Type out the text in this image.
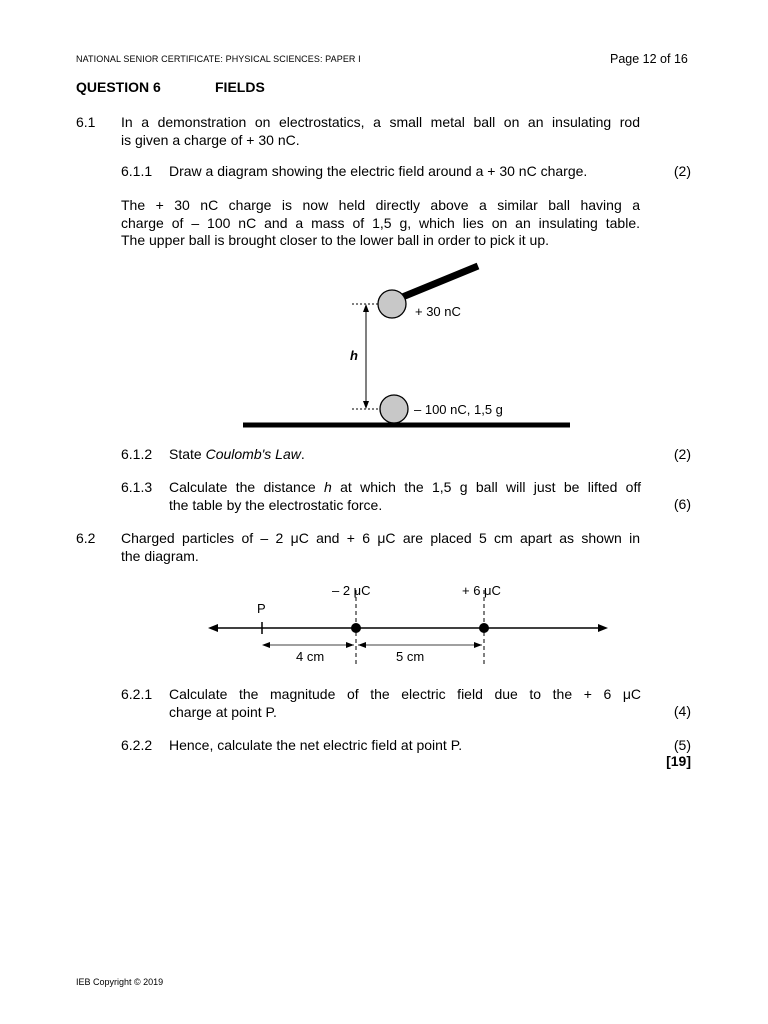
NATIONAL SENIOR CERTIFICATE: PHYSICAL SCIENCES: PAPER I	Page 12 of 16
QUESTION 6	FIELDS
6.1 In a demonstration on electrostatics, a small metal ball on an insulating rod
is given a charge of + 30 nC.
6.1.1 Draw a diagram showing the electric field around a + 30 nC charge.	(2)
The + 30 nC charge is now held directly above a similar ball having a
charge of – 100 nC and a mass of 1,5 g, which lies on an insulating table.
The upper ball is brought closer to the lower ball in order to pick it up.
h
+ 30 nC
– 100 nC, 1,5 g
6.1.2 State Coulomb's Law.	(2)
6.1.3 Calculate the distance h at which the 1,5 g ball will just be lifted off
the table by the electrostatic force.	(6)
6.2 Charged particles of – 2 μC and + 6 μC are placed 5 cm apart as shown in
the diagram.
P
– 2 μC	+ 6 μC
4 cm	5 cm
6.2.1 Calculate the magnitude of the electric field due to the + 6 μC
charge at point P.	(4)
6.2.2 Hence, calculate the net electric field at point P.	(5)
[19]
IEB Copyright © 2019
